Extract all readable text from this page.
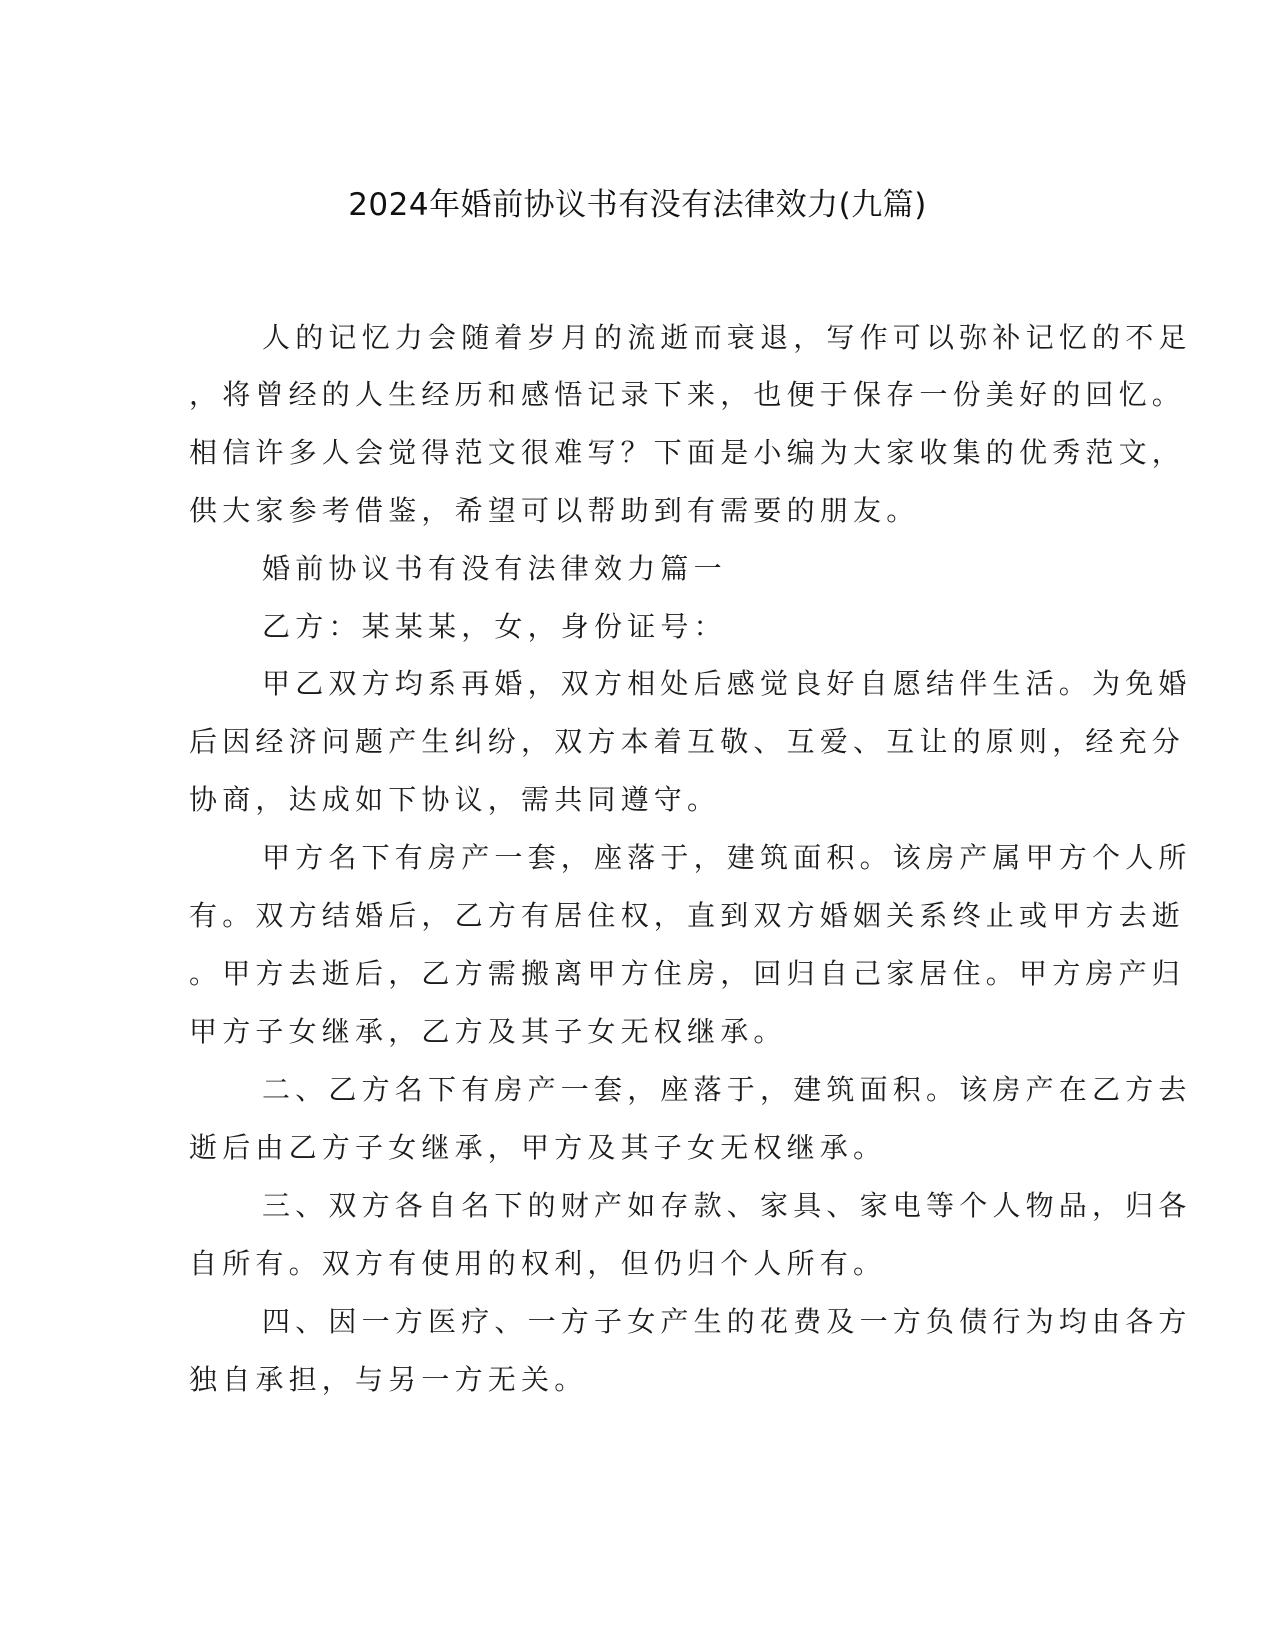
2024年婚前协议书有没有法律效力(九篇)
人的记忆力会随着岁月的流逝而衰退，写作可以弥补记忆的不足
，将曾经的人生经历和感悟记录下来，也便于保存一份美好的回忆。
相信许多人会觉得范文很难写？下面是小编为大家收集的优秀范文，
供大家参考借鉴，希望可以帮助到有需要的朋友。
婚前协议书有没有法律效力篇一
乙方：某某某，女，身份证号：
甲乙双方均系再婚，双方相处后感觉良好自愿结伴生活。为免婚
后因经济问题产生纠纷，双方本着互敬、互爱、互让的原则，经充分
协商，达成如下协议，需共同遵守。
甲方名下有房产一套，座落于，建筑面积。该房产属甲方个人所
有。双方结婚后，乙方有居住权，直到双方婚姻关系终止或甲方去逝
。甲方去逝后，乙方需搬离甲方住房，回归自己家居住。甲方房产归
甲方子女继承，乙方及其子女无权继承。
二、乙方名下有房产一套，座落于，建筑面积。该房产在乙方去
逝后由乙方子女继承，甲方及其子女无权继承。
三、双方各自名下的财产如存款、家具、家电等个人物品，归各
自所有。双方有使用的权利，但仍归个人所有。
四、因一方医疗、一方子女产生的花费及一方负债行为均由各方
独自承担，与另一方无关。
